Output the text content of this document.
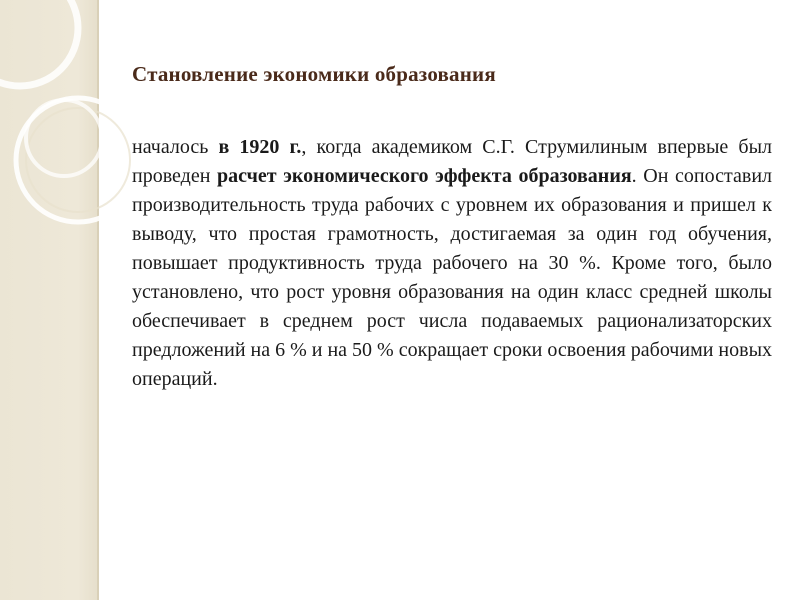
Становление экономики образования

началось в 1920 г., когда академиком С.Г. Струмилиным впервые был проведен расчет экономического эффекта образования. Он сопоставил производительность труда рабочих с уровнем их образования и пришел к выводу, что простая грамотность, достигаемая за один год обучения, повышает продуктивность труда рабочего на 30 %. Кроме того, было установлено, что рост уровня образования на один класс средней школы обеспечивает в среднем рост числа подаваемых рационализаторских предложений на 6 % и на 50 % сокращает сроки освоения рабочими новых операций.
